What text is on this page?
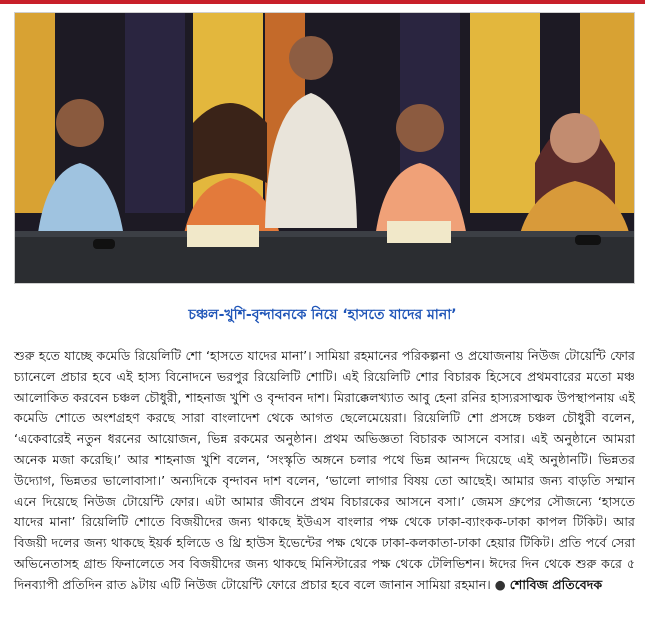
চঞ্চল-খুশি-বৃন্দাবনকে নিয়ে ‘হাসতে যাদের মানা’

শুরু হতে যাচ্ছে কমেডি রিয়েলিটি শো ‘হাসতে যাদের মানা’। সামিয়া রহমানের পরিকল্পনা ও প্রযোজনায় নিউজ টোয়েন্টি ফোর চ্যানেলে প্রচার হবে এই হাস্য বিনোদনে ভরপুর রিয়েলিটি শোটি। এই রিয়েলিটি শোর বিচারক হিসেবে প্রথমবারের মতো মঞ্চ আলোকিত করবেন চঞ্চল চৌধুরী, শাহনাজ খুশি ও বৃন্দাবন দাশ। মিরাক্কেলখ্যাত আবু হেনা রনির হাস্যরসাত্মক উপস্থাপনায় এই কমেডি শোতে অংশগ্রহণ করছে সারা বাংলাদেশ থেকে আগত ছেলেমেয়েরা। রিয়েলিটি শো প্রসঙ্গে চঞ্চল চৌধুরী বলেন, ‘একেবারেই নতুন ধরনের আয়োজন, ভিন্ন রকমের অনুষ্ঠান। প্রথম অভিজ্ঞতা বিচারক আসনে বসার। এই অনুষ্ঠানে আমরা অনেক মজা করেছি।’ আর শাহনাজ খুশি বলেন, ‘সংস্কৃতি অঙ্গনে চলার পথে ভিন্ন আনন্দ দিয়েছে এই অনুষ্ঠানটি। ভিন্নতর উদ্যোগ, ভিন্নতর ভালোবাসা।’ অন্যদিকে বৃন্দাবন দাশ বলেন, ‘ভালো লাগার বিষয় তো আছেই। আমার জন্য বাড়তি সম্মান এনে দিয়েছে নিউজ টোয়েন্টি ফোর। এটা আমার জীবনে প্রথম বিচারকের আসনে বসা।’ জেমস গ্রুপের সৌজন্যে ‘হাসতে যাদের মানা’ রিয়েলিটি শোতে বিজয়ীদের জন্য থাকছে ইউএস বাংলার পক্ষ থেকে ঢাকা-ব্যাংকক-ঢাকা কাপল টিকিট। আর বিজয়ী দলের জন্য থাকছে ইয়র্ক হলিডে ও থ্রি হাউস ইভেন্টের পক্ষ থেকে ঢাকা-কলকাতা-ঢাকা হেয়ার টিকিট। প্রতি পর্বে সেরা অভিনেতাসহ গ্রান্ড ফিনালেতে সব বিজয়ীদের জন্য থাকছে মিনিস্টারের পক্ষ থেকে টেলিভিশন। ঈদের দিন থেকে শুরু করে ৫ দিনব্যাপী প্রতিদিন রাত ৯টায় এটি নিউজ টোয়েন্টি ফোরে প্রচার হবে বলে জানান সামিয়া রহমান। ● শোবিজ প্রতিবেদক
